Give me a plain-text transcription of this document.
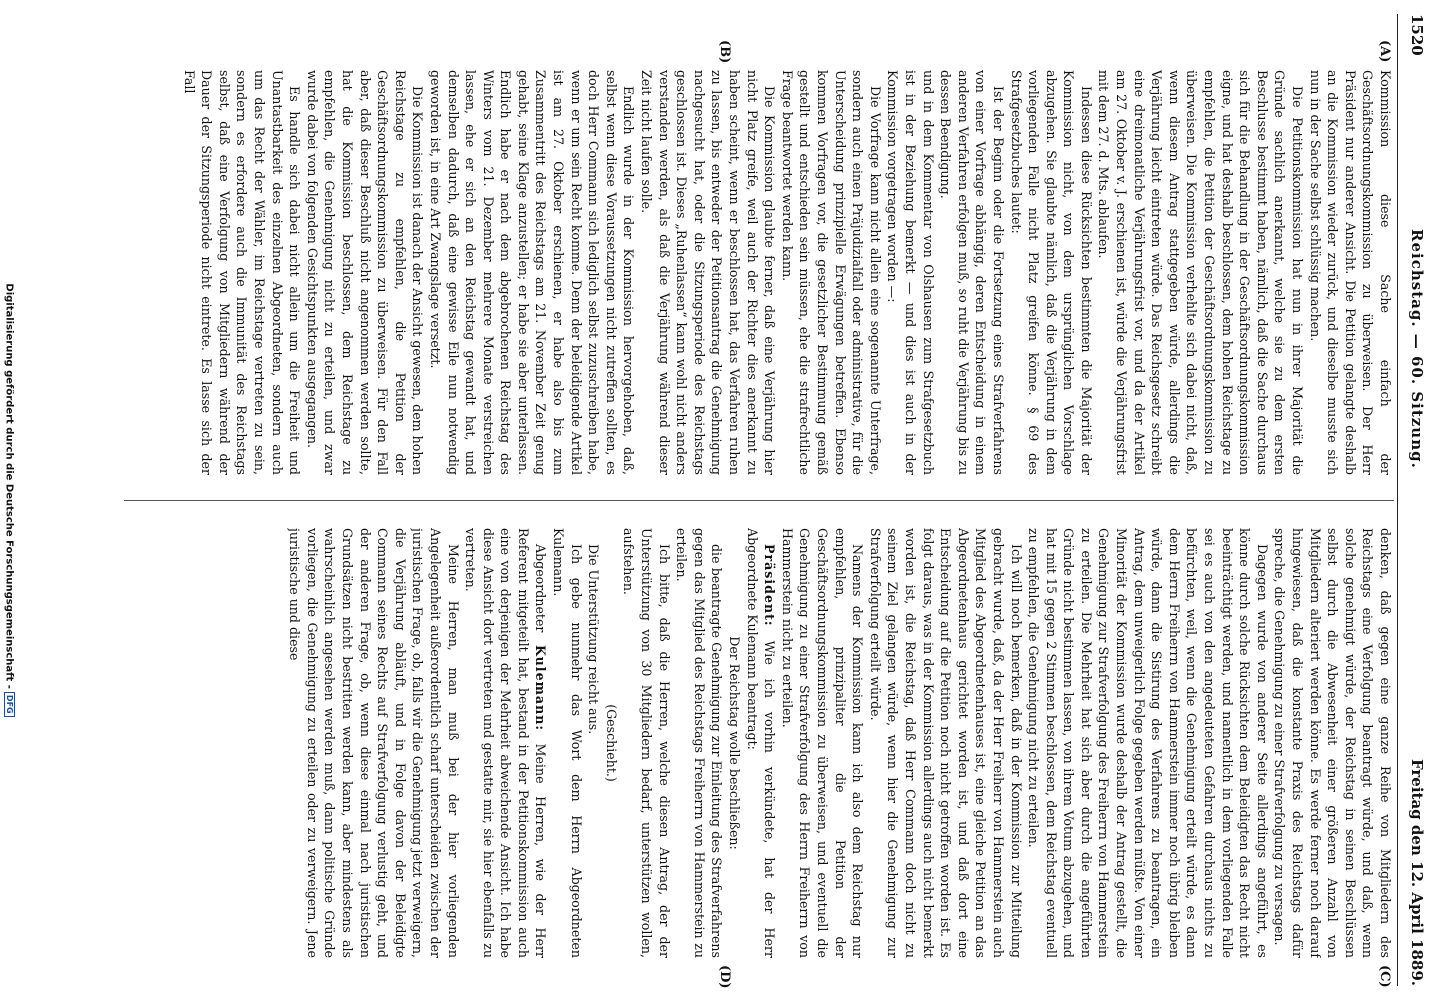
1520
Reichstag. — 60. Sitzung.
Freitag den 12. April 1889.
(A)
(B)
(C)
(D)

Kommission diese Sache einfach der Geschäftsordnungskommission zu überweisen. Der Herr Präsident nur anderer Ansicht. Die Petition gelangte deshalb an die Kommission wieder zurück, und dieselbe musste sich nun in der Sache selbst schlüssig machen.

Die Petitionskommission hat nun in ihrer Majorität die Gründe sachlich anerkannt, welche sie zu dem ersten Beschlusse bestimmt haben, nämlich, daß die Sache durchaus sich für die Behandlung in der Geschäftsordnungskommission eigne, und hat deshalb beschlossen, dem hohen Reichstage zu empfehlen, die Petition der Geschäftsordnungskommission zu überweisen. Die Kommission verhehlte sich dabei nicht, daß, wenn diesem Antrag stattgegeben würde, allerdings die Verjährung leicht eintreten würde. Das Reichsgesetz schreibt eine dreimonatliche Verjährungsfrist vor, und da der Artikel am 27. Oktober v. J. erschienen ist, würde die Verjährungsfrist mit dem 27. d. Mts. ablaufen.

Indessen diese Rücksichten bestimmten die Majorität der Kommission nicht, von dem ursprünglichen Vorschlage abzugehen. Sie glaubte nämlich, daß die Verjährung in dem vorliegenden Falle nicht Platz greifen könne. § 69 des Strafgesetzbuches lautet:

Ist der Beginn oder die Fortsetzung eines Strafverfahrens von einer Vorfrage abhängig, deren Entscheidung in einem anderen Verfahren erfolgen muß, so ruht die Verjährung bis zu dessen Beendigung.

und in dem Kommentar von Olshausen zum Strafgesetzbuch ist in der Beziehung bemerkt — und dies ist auch in der Kommission vorgetragen worden —:

Die Vorfrage kann nicht allein eine sogenannte Unterfrage, sondern auch einen Präjudizialfall oder administrative, für die Unterscheidung prinzipielle Erwägungen betreffen. Ebenso kommen Vorfragen vor, die gesetzlicher Bestimmung gemäß gestellt und entschieden sein müssen, ehe die strafrechtliche Frage beantwortet werden kann.

Die Kommission glaubte ferner, daß eine Verjährung hier nicht Platz greife, weil auch der Richter dies anerkannt zu haben scheint, wenn er beschlossen hat, das Verfahren ruhen zu lassen, bis entweder der Petitionsantrag die Genehmigung nachgesucht hat, oder die Sitzungsperiode des Reichstags geschlossen ist. Dieses „Ruhenlassen“ kann wohl nicht anders verstanden werden, als daß die Verjährung während dieser Zeit nicht laufen solle.

Endlich wurde in der Kommission hervorgehoben, daß, selbst wenn diese Voraussetzungen nicht zutreffen sollten, es doch Herr Commann sich lediglich selbst zuzuschreiben habe, wenn er um sein Recht komme. Denn der beleidigende Artikel ist am 27. Oktober erschienen, er habe also bis zum Zusammentritt des Reichstags am 21. November Zeit genug gehabt, seine Klage anzustellen; er habe sie aber unterlassen. Endlich habe er nach dem abgebrochenen Reichstag des Winters vom 21. Dezember mehrere Monate verstreichen lassen, ehe er sich an den Reichstag gewandt hat, und demselben dadurch, daß eine gewisse Eile nun notwendig geworden ist, in eine Art Zwangslage versetzt.

Die Kommission ist danach der Ansicht gewesen, dem hohen Reichstage zu empfehlen, die Petition der Geschäftsordnungskommission zu überweisen. Für den Fall aber, daß dieser Beschluß nicht angenommen werden sollte, hat die Kommission beschlossen, dem Reichstage zu empfehlen, die Genehmigung nicht zu erteilen, und zwar wurde dabei von folgenden Gesichtspunkten ausgegangen.

Es handle sich dabei nicht allein um die Freiheit und Unantastbarkeit des einzelnen Abgeordneten, sondern auch um das Recht der Wähler, im Reichstage vertreten zu sein, sondern es erfordere auch die Immunität des Reichstags selbst, daß eine Verfolgung von Mitgliedern während der Dauer der Sitzungsperiode nicht eintrete. Es lasse sich der Fall

denken, daß gegen eine ganze Reihe von Mitgliedern des Reichstags eine Verfolgung beantragt würde, und daß, wenn solche genehmigt würde, der Reichstag in seinen Beschlüssen selbst durch die Abwesenheit einer größeren Anzahl von Mitgliedern alteriert werden könne. Es werde ferner noch darauf hingewiesen, daß die konstante Praxis des Reichstags dafür spreche, die Genehmigung zu einer Strafverfolgung zu versagen.

Dagegen wurde von anderer Seite allerdings angeführt, es könne durch solche Rücksichten dem Beleidigten das Recht nicht beeinträchtigt werden, und namentlich in dem vorliegenden Falle sei es auch von den angedeuteten Gefahren durchaus nichts zu befürchten, weil, wenn die Genehmigung erteilt würde, es dann dem Herrn Freiherrn von Hammerstein immer noch übrig bleiben würde, dann die Sistirung des Verfahrens zu beantragen, ein Antrag, dem unweigerlich Folge gegeben werden müßte. Von einer Minorität der Kommission wurde deshalb der Antrag gestellt, die Genehmigung zur Strafverfolgung des Freiherrn von Hammerstein zu erteilen. Die Mehrheit hat sich aber durch die angeführten Gründe nicht bestimmen lassen, von ihrem Votum abzugehen, und hat mit 15 gegen 2 Stimmen beschlossen, dem Reichstag eventuell zu empfehlen, die Genehmigung nicht zu erteilen.

Ich will noch bemerken, daß in der Kommission zur Mitteilung gebracht wurde, daß, da der Herr Freiherr von Hammerstein auch Mitglied des Abgeordnetenhauses ist, eine gleiche Petition an das Abgeordnetenhaus gerichtet worden ist, und daß dort eine Entscheidung auf die Petition noch nicht getroffen worden ist. Es folgt daraus, was in der Kommission allerdings auch nicht bemerkt worden ist, die Reichstag, daß Herr Commann doch nicht zu seinem Ziel gelangen würde, wenn hier die Genehmigung zur Strafverfolgung erteilt würde.

Namens der Kommission kann ich also dem Reichstag nur empfehlen, prinzipaliter die Petition der Geschäftsordnungskommission zu überweisen, und eventuell die Genehmigung zu einer Strafverfolgung des Herrn Freiherrn von Hammerstein nicht zu erteilen.

Präsident: Wie ich vorhin verkündete, hat der Herr Abgeordnete Kulemann beantragt:

Der Reichstag wolle beschließen:

die beantragte Genehmigung zur Einleitung des Strafverfahrens gegen das Mitglied des Reichstags Freiherrn von Hammerstein zu erteilen.

Ich bitte, daß die Herren, welche diesen Antrag, der der Unterstützung von 30 Mitgliedern bedarf, unterstützen wollen, aufstehen.

(Geschieht.)

Die Unterstützung reicht aus.

Ich gebe nunmehr das Wort dem Herrn Abgeordneten Kulemann.

Abgeordneter Kulemann: Meine Herren, wie der Herr Referent mitgeteilt hat, bestand in der Petitionskommission auch eine von derjenigen der Mehrheit abweichende Ansicht. Ich habe diese Ansicht dort vertreten und gestatte mir, sie hier ebenfalls zu vertreten.

Meine Herren, man muß bei der hier vorliegenden Angelegenheit außerordentlich scharf unterscheiden zwischen der juristischen Frage, ob, falls wir die Genehmigung jetzt verweigern, die Verjährung abläuft, und in Folge davon der Beleidigte Commann seines Rechts auf Strafverfolgung verlustig geht, und der anderen Frage, ob, wenn diese einmal nach juristischen Grundsätzen nicht bestritten werden kann, aber mindestens als wahrscheinlich angesehen werden muß, dann politische Gründe vorliegen, die Genehmigung zu erteilen oder zu verweigern. Jene juristische und diese

Digitalisierung gefördert durch die Deutsche Forschungsgemeinschaft -DFG
